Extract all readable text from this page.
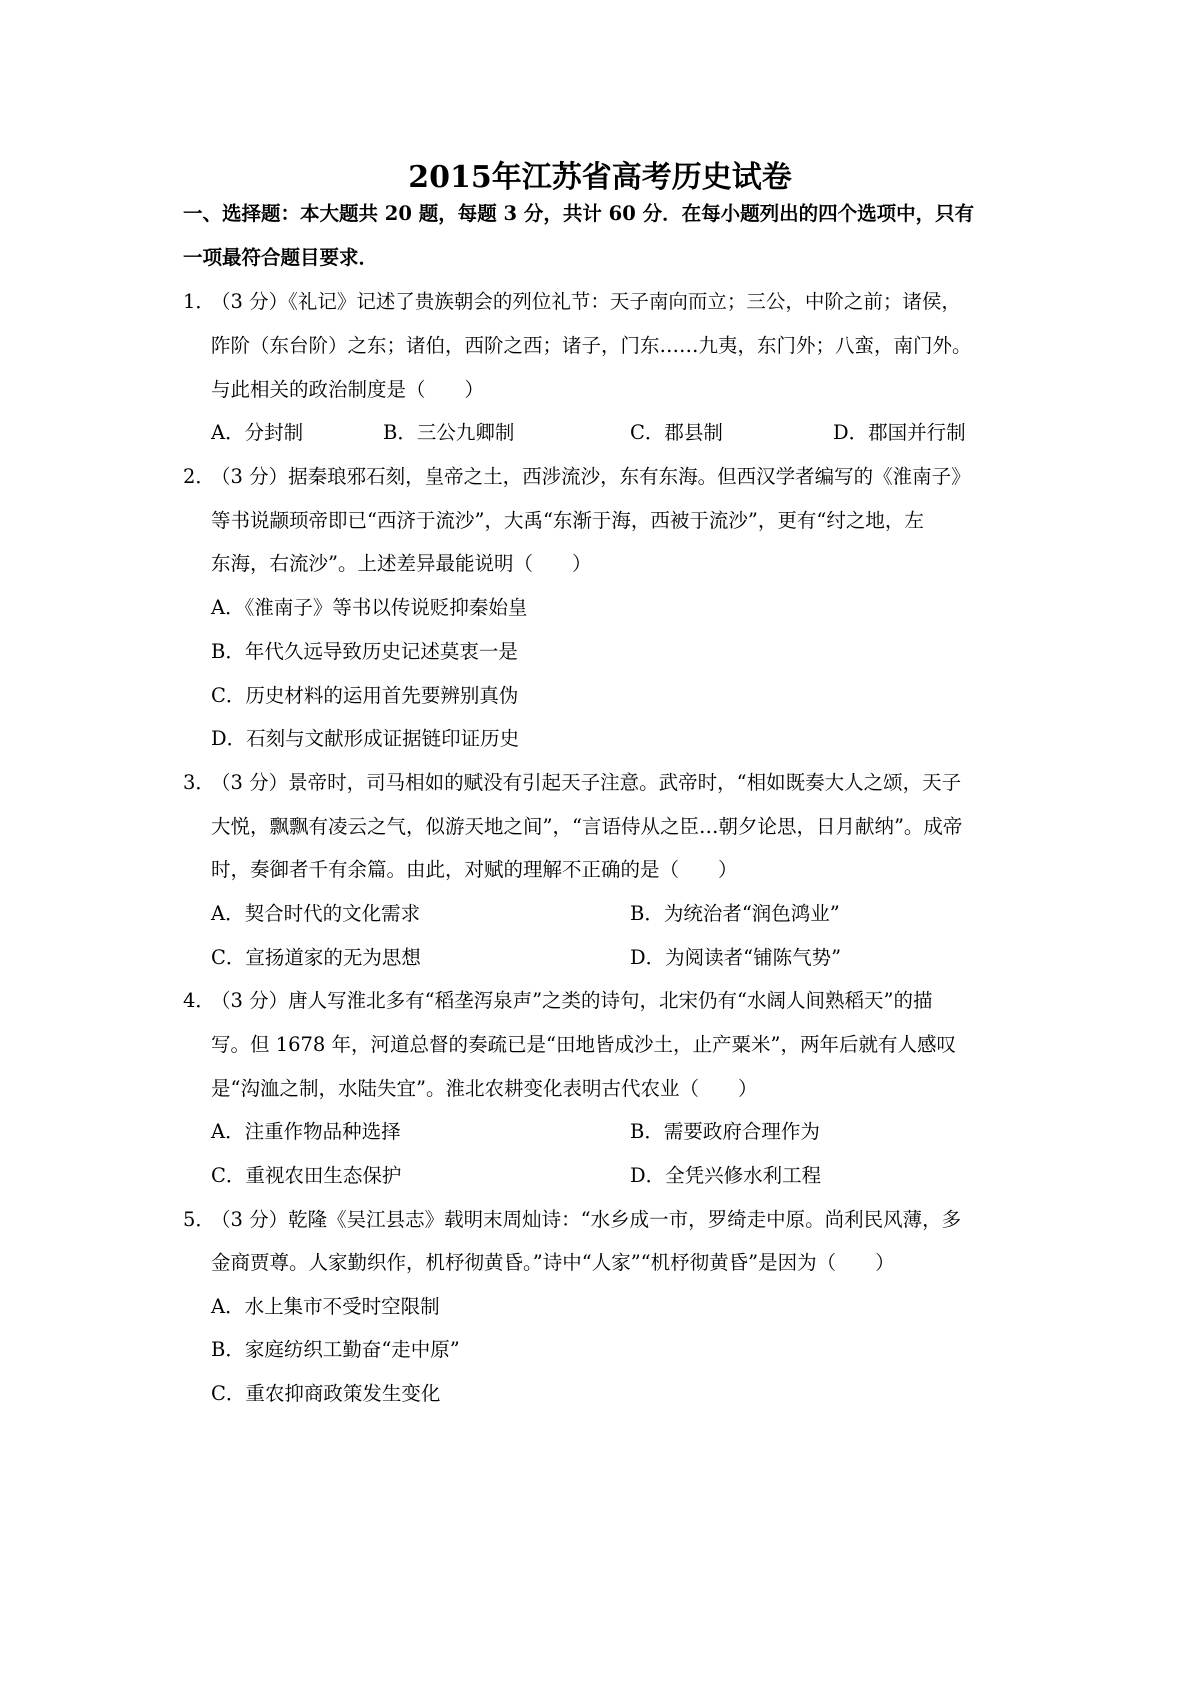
2015年江苏省高考历史试卷
一、选择题：本大题共 20 题，每题 3 分，共计 60 分．在每小题列出的四个选项中，只有
一项最符合题目要求．
1．
（3 分）《礼记》记述了贵族朝会的列位礼节：天子南向而立；三公，中阶之前；诸侯，
阼阶（东台阶）之东；诸伯，西阶之西；诸子，门东……九夷，东门外；八蛮，南门外。
与此相关的政治制度是（　　）
A．分封制	B．三公九卿制	C．郡县制	D．郡国并行制
2．
（3 分）据秦琅邪石刻，皇帝之土，西涉流沙，东有东海。但西汉学者编写的《淮南子》
等书说颛顼帝即已“西济于流沙”，大禹“东渐于海，西被于流沙”，更有“纣之地，左
东海，右流沙”。上述差异最能说明（　　）
A．《淮南子》等书以传说贬抑秦始皇
B．年代久远导致历史记述莫衷一是
C．历史材料的运用首先要辨别真伪
D．石刻与文献形成证据链印证历史
3．
（3 分）景帝时，司马相如的赋没有引起天子注意。武帝时，“相如既奏大人之颂，天子
大悦，飘飘有凌云之气，似游天地之间”，“言语侍从之臣…朝夕论思，日月献纳”。成帝
时，奏御者千有余篇。由此，对赋的理解不正确的是（　　）
A．契合时代的文化需求	B．为统治者“润色鸿业”
C．宣扬道家的无为思想	D．为阅读者“铺陈气势”
4．
（3 分）唐人写淮北多有“稻垄泻泉声”之类的诗句，北宋仍有“水阔人间熟稻天”的描
写。但 1678 年，河道总督的奏疏已是“田地皆成沙土，止产粟米”，两年后就有人感叹
是“沟洫之制，水陆失宜”。淮北农耕变化表明古代农业（　　）
A．注重作物品种选择	B．需要政府合理作为
C．重视农田生态保护	D．全凭兴修水利工程
5．
（3 分）乾隆《吴江县志》载明末周灿诗：“水乡成一市，罗绮走中原。尚利民风薄，多
金商贾尊。人家勤织作，机杼彻黄昏。”诗中“人家”“机杼彻黄昏”是因为（　　）
A．水上集市不受时空限制
B．家庭纺织工勤奋“走中原”
C．重农抑商政策发生变化
